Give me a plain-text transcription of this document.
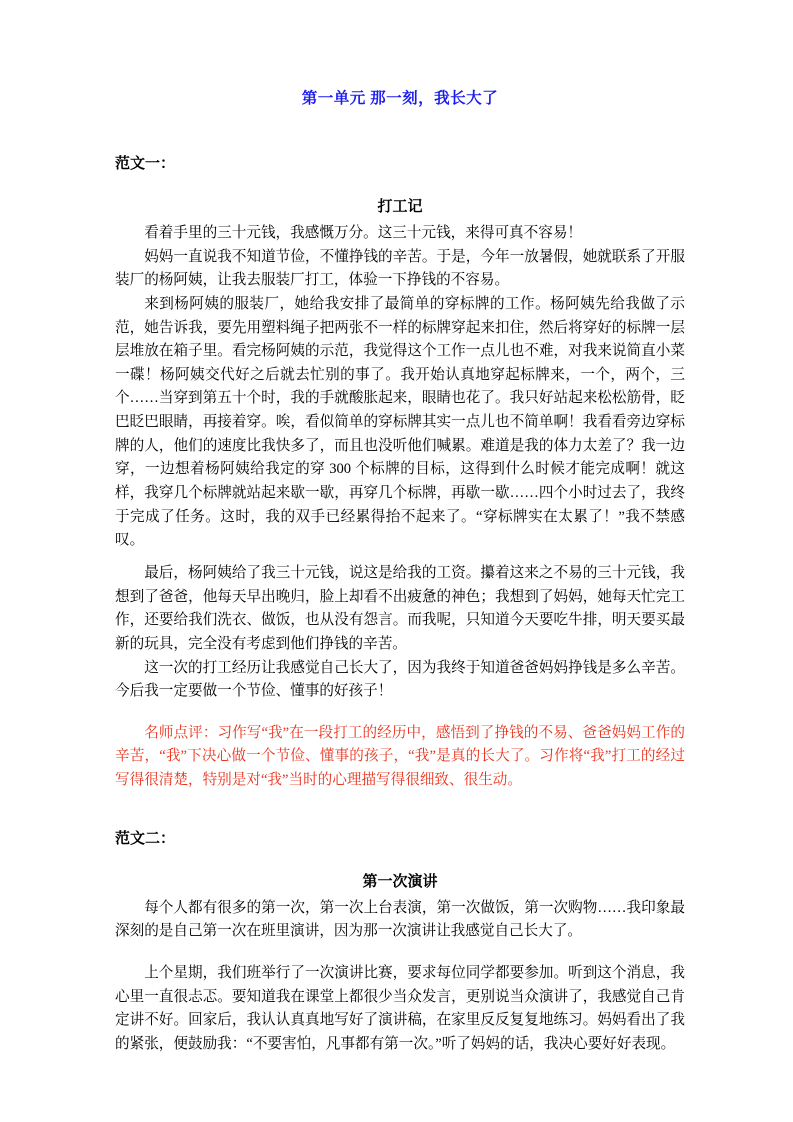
第一单元 那一刻，我长大了
范文一：
打工记

看着手里的三十元钱，我感慨万分。这三十元钱，来得可真不容易！

妈妈一直说我不知道节俭，不懂挣钱的辛苦。于是，今年一放暑假，她就联系了开服装厂的杨阿姨，让我去服装厂打工，体验一下挣钱的不容易。

来到杨阿姨的服装厂，她给我安排了最简单的穿标牌的工作。杨阿姨先给我做了示范，她告诉我，要先用塑料绳子把两张不一样的标牌穿起来扣住，然后将穿好的标牌一层层堆放在箱子里。看完杨阿姨的示范，我觉得这个工作一点儿也不难，对我来说简直小菜一碟！杨阿姨交代好之后就去忙别的事了。我开始认真地穿起标牌来，一个，两个，三个……当穿到第五十个时，我的手就酸胀起来，眼睛也花了。我只好站起来松松筋骨，眨巴眨巴眼睛，再接着穿。唉，看似简单的穿标牌其实一点儿也不简单啊！我看看旁边穿标牌的人，他们的速度比我快多了，而且也没听他们喊累。难道是我的体力太差了？我一边穿，一边想着杨阿姨给我定的穿 300 个标牌的目标，这得到什么时候才能完成啊！就这样，我穿几个标牌就站起来歇一歇，再穿几个标牌，再歇一歇……四个小时过去了，我终于完成了任务。这时，我的双手已经累得抬不起来了。“穿标牌实在太累了！”我不禁感叹。

最后，杨阿姨给了我三十元钱，说这是给我的工资。攥着这来之不易的三十元钱，我想到了爸爸，他每天早出晚归，脸上却看不出疲惫的神色；我想到了妈妈，她每天忙完工作，还要给我们洗衣、做饭，也从没有怨言。而我呢，只知道今天要吃牛排，明天要买最新的玩具，完全没有考虑到他们挣钱的辛苦。

这一次的打工经历让我感觉自己长大了，因为我终于知道爸爸妈妈挣钱是多么辛苦。今后我一定要做一个节俭、懂事的好孩子！

名师点评：习作写“我”在一段打工的经历中，感悟到了挣钱的不易、爸爸妈妈工作的辛苦，“我”下决心做一个节俭、懂事的孩子，“我”是真的长大了。习作将“我”打工的经过写得很清楚，特别是对“我”当时的心理描写得很细致、很生动。

范文二：
第一次演讲

每个人都有很多的第一次，第一次上台表演，第一次做饭，第一次购物……我印象最深刻的是自己第一次在班里演讲，因为那一次演讲让我感觉自己长大了。

上个星期，我们班举行了一次演讲比赛，要求每位同学都要参加。听到这个消息，我心里一直很忐忑。要知道我在课堂上都很少当众发言，更别说当众演讲了，我感觉自己肯定讲不好。回家后，我认认真真地写好了演讲稿，在家里反反复复地练习。妈妈看出了我的紧张，便鼓励我：“不要害怕，凡事都有第一次。”听了妈妈的话，我决心要好好表现。
